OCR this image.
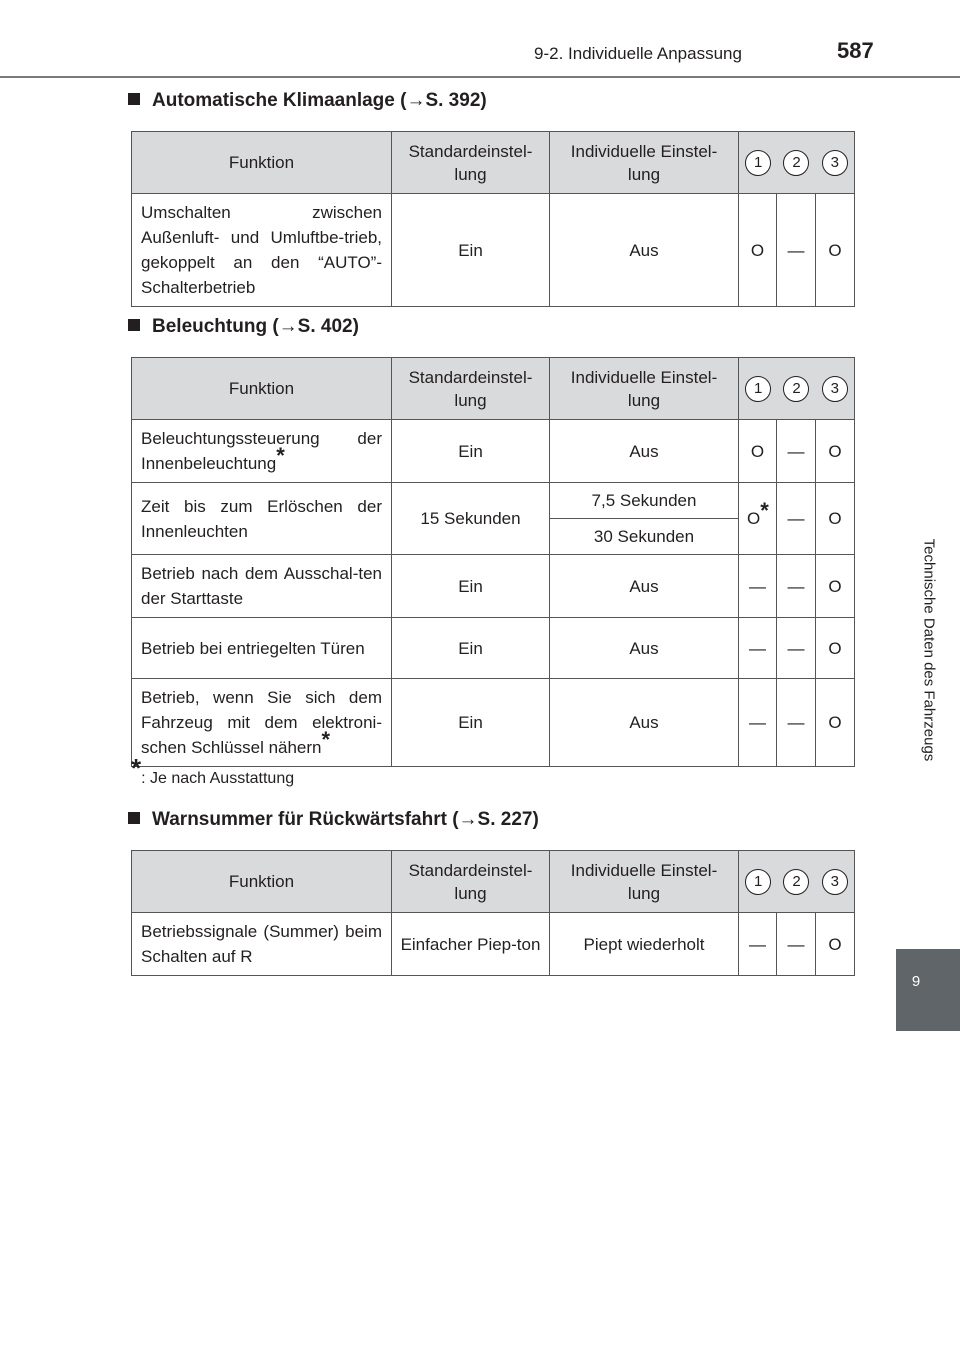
9-2. Individuelle Anpassung	587
Technische Daten des Fahrzeugs
9
Automatische Klimaanlage (→S. 392)
Funktion	Standardeinstel-lung	Individuelle Einstel-lung	1 2 3		

Umschalten zwischen Außenluft- und Umluftbe-trieb, gekoppelt an den “AUTO”-Schalterbetrieb	Ein	Aus	O	—	O
Beleuchtung (→S. 402)
Funktion	Standardeinstel-lung	Individuelle Einstel-lung	1 2 3		

Beleuchtungssteuerung der Innenbeleuchtung*	Ein	Aus	O	—	O
Zeit bis zum Erlöschen der Innenleuchten	15 Sekunden	7,5 Sekunden	O*	—	O
		30 Sekunden			
Betrieb nach dem Ausschal-ten der Starttaste	Ein	Aus	—	—	O
Betrieb bei entriegelten Türen	Ein	Aus	—	—	O
Betrieb, wenn Sie sich dem Fahrzeug mit dem elektroni-schen Schlüssel nähern*	Ein	Aus	—	—	O
*: Je nach Ausstattung
Warnsummer für Rückwärtsfahrt (→S. 227)
Funktion	Standardeinstel-lung	Individuelle Einstel-lung	1 2 3		

Betriebssignale (Summer) beim Schalten auf R	Einfacher Piep-ton	Piept wiederholt	—	—	O
